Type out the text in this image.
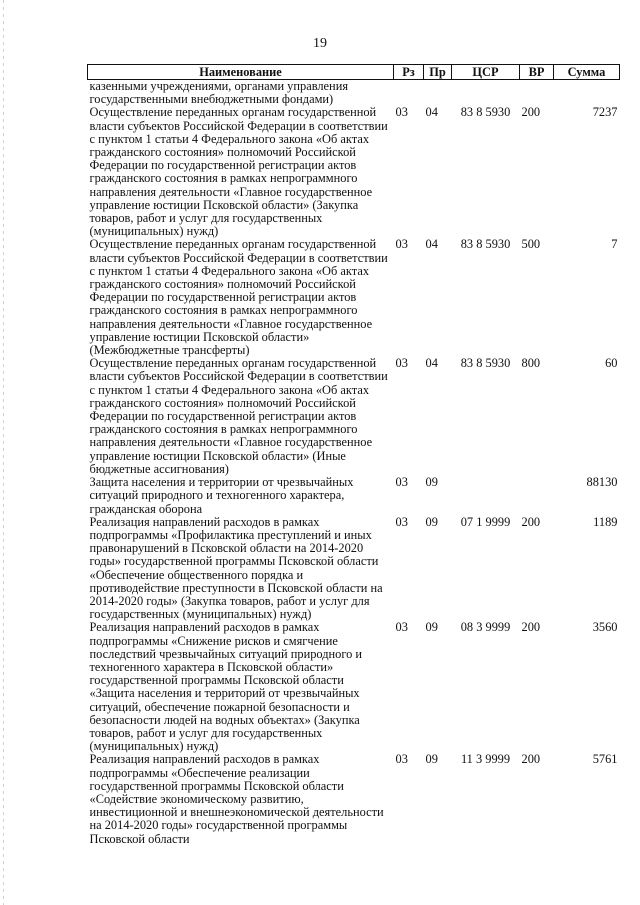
19
Наименование	Рз	Пр	ЦСР	ВР	Сумма
казенными учреждениями, органами управления государственными внебюджетными фондами)					
Осуществление переданных органам государственной власти субъектов Российской Федерации в соответствии с пунктом 1 статьи 4 Федерального закона «Об актах гражданского состояния» полномочий Российской Федерации по государственной регистрации актов гражданского состояния в рамках непрограммного направления деятельности «Главное государственное управление юстиции Псковской области» (Закупка товаров, работ и услуг для государственных (муниципальных) нужд)	03	04	83 8 5930	200	7237
Осуществление переданных органам государственной власти субъектов Российской Федерации в соответствии с пунктом 1 статьи 4 Федерального закона «Об актах гражданского состояния» полномочий Российской Федерации по государственной регистрации актов гражданского состояния в рамках непрограммного направления деятельности «Главное государственное управление юстиции Псковской области» (Межбюджетные трансферты)	03	04	83 8 5930	500	7
Осуществление переданных органам государственной власти субъектов Российской Федерации в соответствии с пунктом 1 статьи 4 Федерального закона «Об актах гражданского состояния» полномочий Российской Федерации по государственной регистрации актов гражданского состояния в рамках непрограммного направления деятельности «Главное государственное управление юстиции Псковской области» (Иные бюджетные ассигнования)	03	04	83 8 5930	800	60
Защита населения и территории от чрезвычайных ситуаций природного и техногенного характера, гражданская оборона	03	09			88130
Реализация направлений расходов в рамках подпрограммы «Профилактика преступлений и иных правонарушений в Псковской области на 2014-2020 годы» государственной программы Псковской области «Обеспечение общественного порядка и противодействие преступности в Псковской области на 2014-2020 годы» (Закупка товаров, работ и услуг для государственных (муниципальных) нужд)	03	09	07 1 9999	200	1189
Реализация направлений расходов в рамках подпрограммы «Снижение рисков и смягчение последствий чрезвычайных ситуаций природного и техногенного характера в Псковской области» государственной программы Псковской области «Защита населения и территорий от чрезвычайных ситуаций, обеспечение пожарной безопасности и безопасности людей на водных объектах» (Закупка товаров, работ и услуг для государственных (муниципальных) нужд)	03	09	08 3 9999	200	3560
Реализация направлений расходов в рамках подпрограммы «Обеспечение реализации государственной программы Псковской области «Содействие экономическому развитию, инвестиционной и внешнеэкономической деятельности на 2014-2020 годы» государственной программы Псковской области	03	09	11 3 9999	200	5761
